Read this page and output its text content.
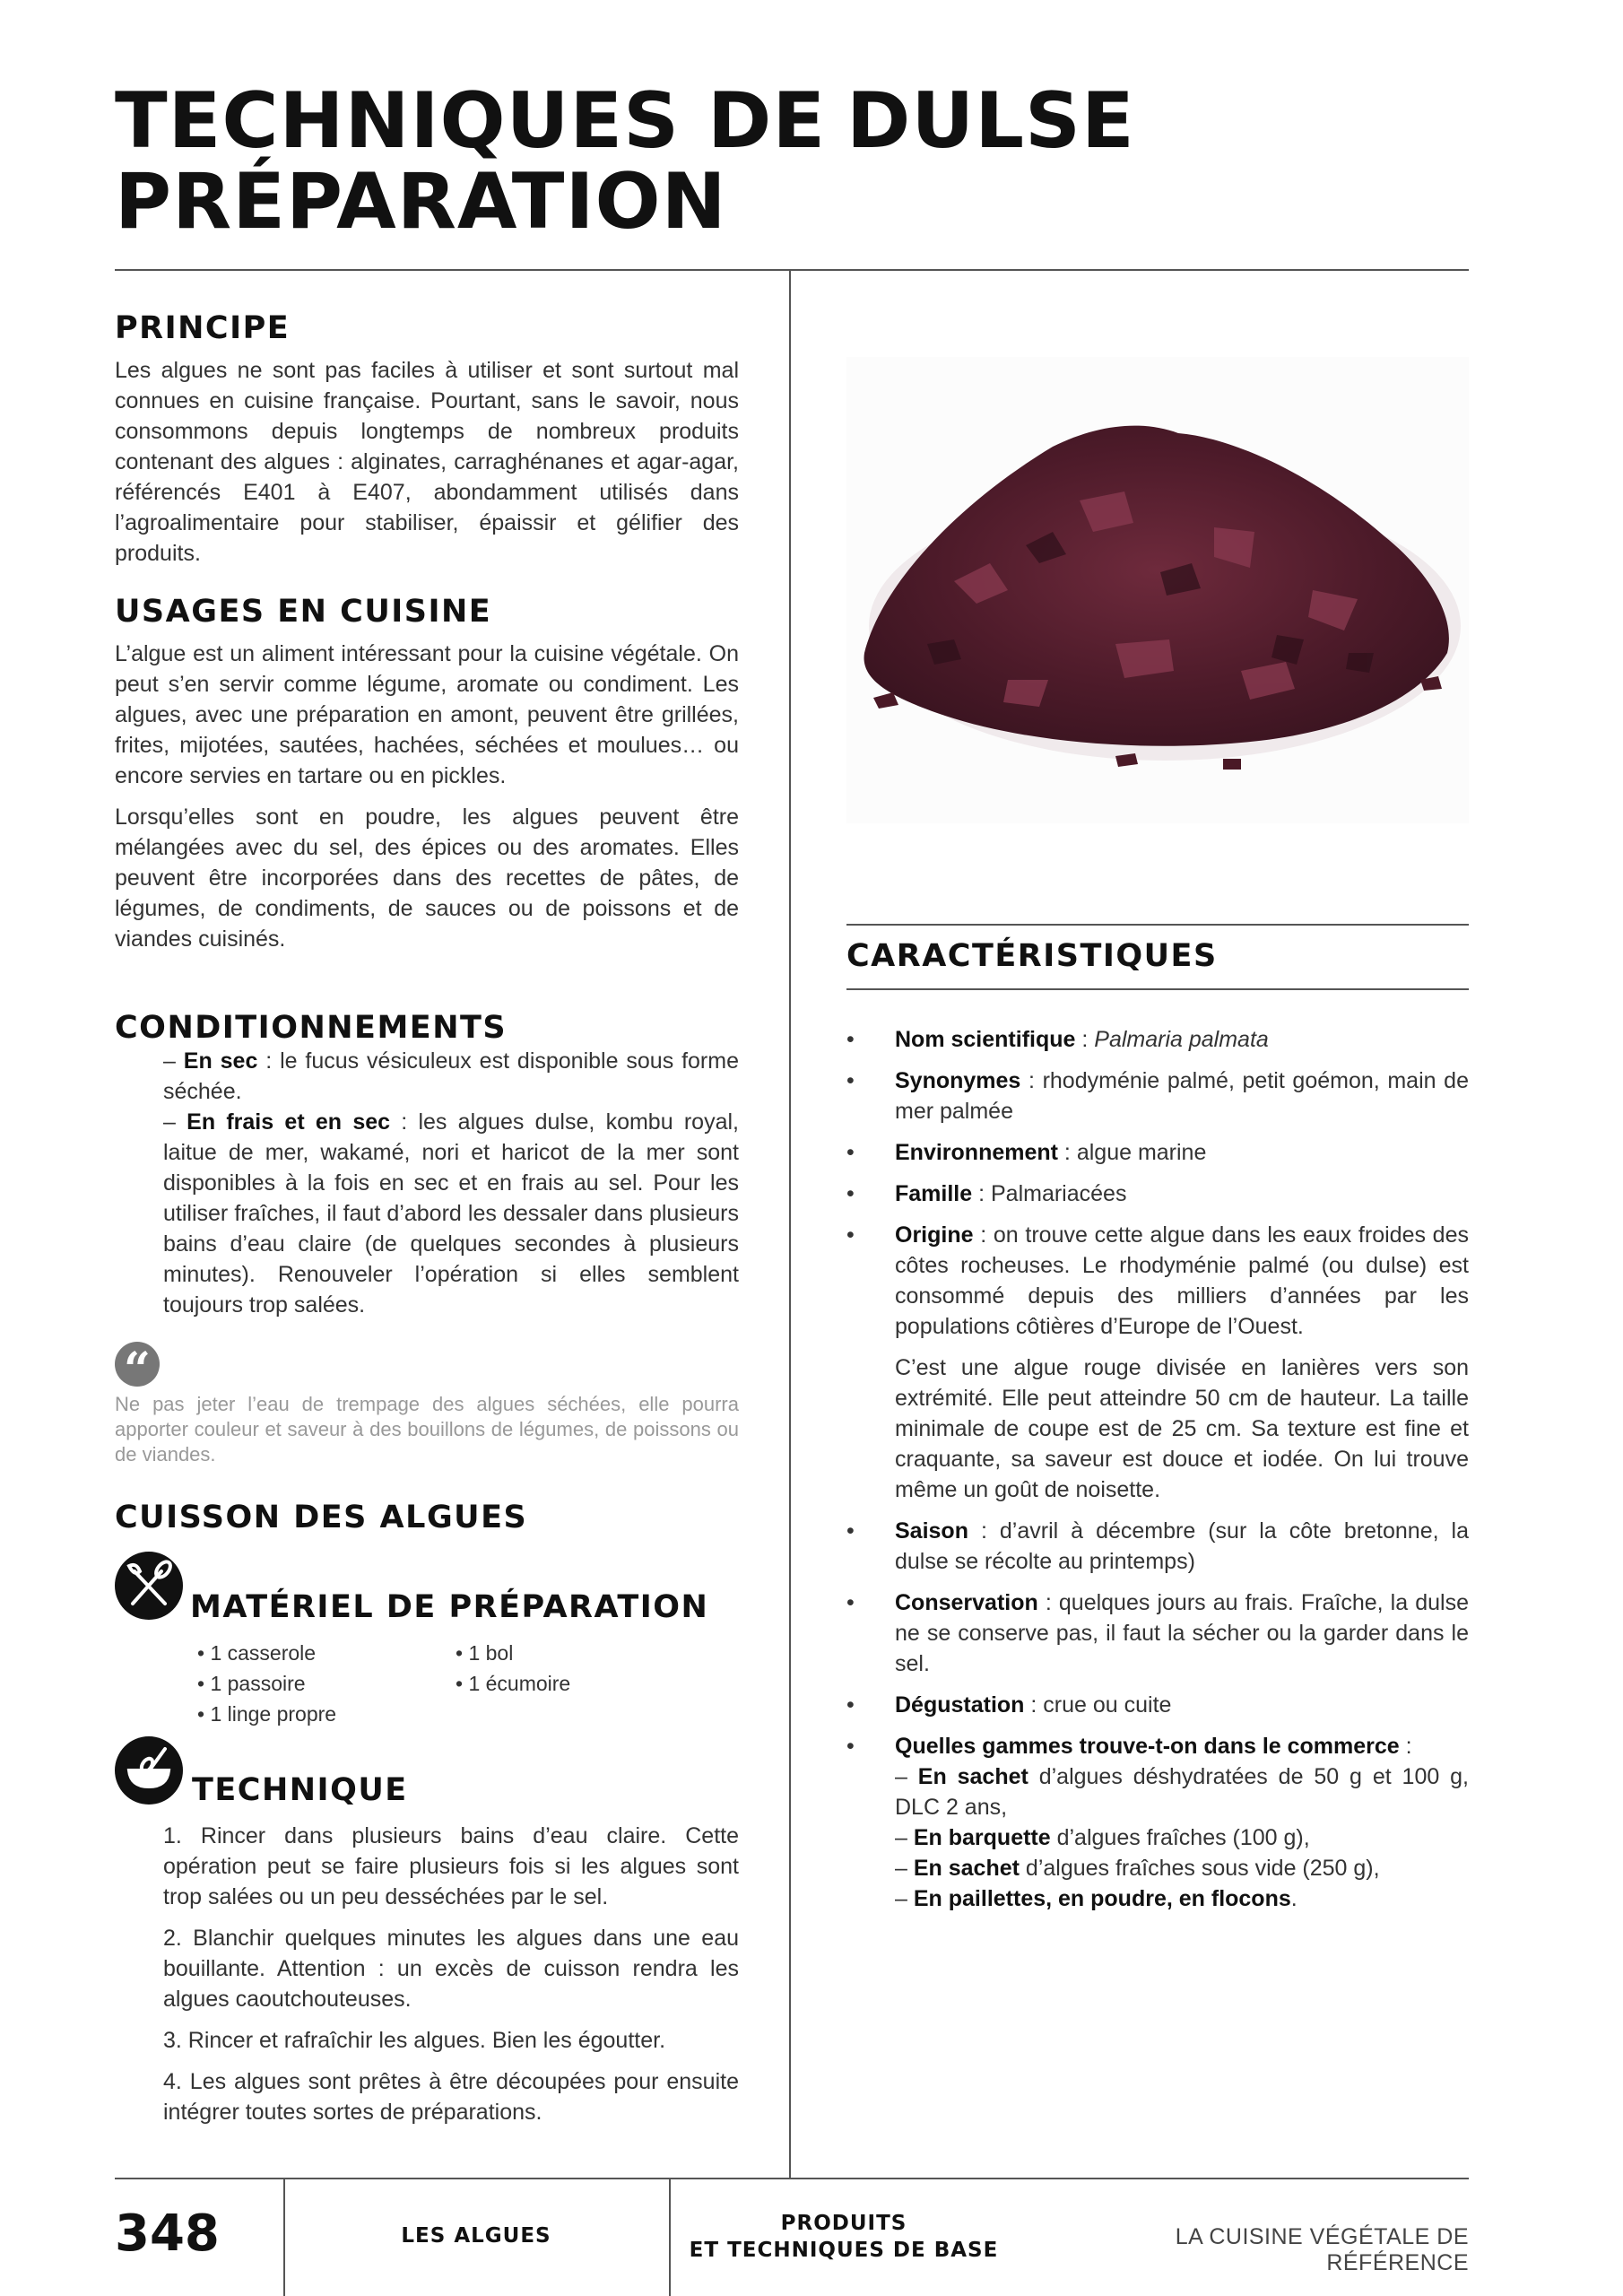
TECHNIQUES DE
PRÉPARATION
DULSE
PRINCIPE

Les algues ne sont pas faciles à utiliser et sont surtout mal connues en cuisine française. Pourtant, sans le savoir, nous consommons depuis longtemps de nombreux produits contenant des algues : alginates, carraghénanes et agar-agar, référencés E401 à E407, abondamment utilisés dans l’agroalimentaire pour stabiliser, épaissir et gélifier des produits.

USAGES EN CUISINE

L’algue est un aliment intéressant pour la cuisine végétale. On peut s’en servir comme légume, aromate ou condiment. Les algues, avec une préparation en amont, peuvent être grillées, frites, mijotées, sautées, hachées, séchées et moulues… ou encore servies en tartare ou en pickles.

Lorsqu’elles sont en poudre, les algues peuvent être mélangées avec du sel, des épices ou des aromates. Elles peuvent être incorporées dans des recettes de pâtes, de légumes, de condiments, de sauces ou de poissons et de viandes cuisinés.

CONDITIONNEMENTS

– En sec : le fucus vésiculeux est disponible sous forme séchée.

– En frais et en sec : les algues dulse, kombu royal, laitue de mer, wakamé, nori et haricot de la mer sont disponibles à la fois en sec et en frais au sel. Pour les utiliser fraîches, il faut d’abord les dessaler dans plusieurs bains d’eau claire (de quelques secondes à plusieurs minutes). Renouveler l’opération si elles semblent toujours trop salées.

“

Ne pas jeter l’eau de trempage des algues séchées, elle pourra apporter couleur et saveur à des bouillons de légumes, de poissons ou de viandes.

CUISSON DES ALGUES
MATÉRIEL DE PRÉPARATION
• 1 casserole	• 1 bol
• 1 passoire	• 1 écumoire
• 1 linge propre
TECHNIQUE

1. Rincer dans plusieurs bains d’eau claire. Cette opération peut se faire plusieurs fois si les algues sont trop salées ou un peu desséchées par le sel.

2. Blanchir quelques minutes les algues dans une eau bouillante. Attention : un excès de cuisson rendra les algues caoutchouteuses.

3. Rincer et rafraîchir les algues. Bien les égoutter.

4. Les algues sont prêtes à être découpées pour ensuite intégrer toutes sortes de préparations.

CARACTÉRISTIQUES
• Nom scientifique : Palmaria palmata
• Synonymes : rhodyménie palmé, petit goémon, main de mer palmée
• Environnement : algue marine
• Famille : Palmariacées
• Origine : on trouve cette algue dans les eaux froides des côtes rocheuses. Le rhodyménie palmé (ou dulse) est consommé depuis des milliers d’années par les populations côtières d’Europe de l’Ouest.
C’est une algue rouge divisée en lanières vers son extrémité. Elle peut atteindre 50 cm de hauteur. La taille minimale de coupe est de 25 cm. Sa texture est fine et craquante, sa saveur est douce et iodée. On lui trouve même un goût de noisette.
• Saison : d’avril à décembre (sur la côte bretonne, la dulse se récolte au printemps)
• Conservation : quelques jours au frais. Fraîche, la dulse ne se conserve pas, il faut la sécher ou la garder dans le sel.
• Dégustation : crue ou cuite
• Quelles gammes trouve-t-on dans le commerce :
– En sachet d’algues déshydratées de 50 g et 100 g, DLC 2 ans,
– En barquette d’algues fraîches (100 g),
– En sachet d’algues fraîches sous vide (250 g),
– En paillettes, en poudre, en flocons.
348	LES ALGUES
PRODUITS
ET TECHNIQUES DE BASE
LA CUISINE VÉGÉTALE DE RÉFÉRENCE
